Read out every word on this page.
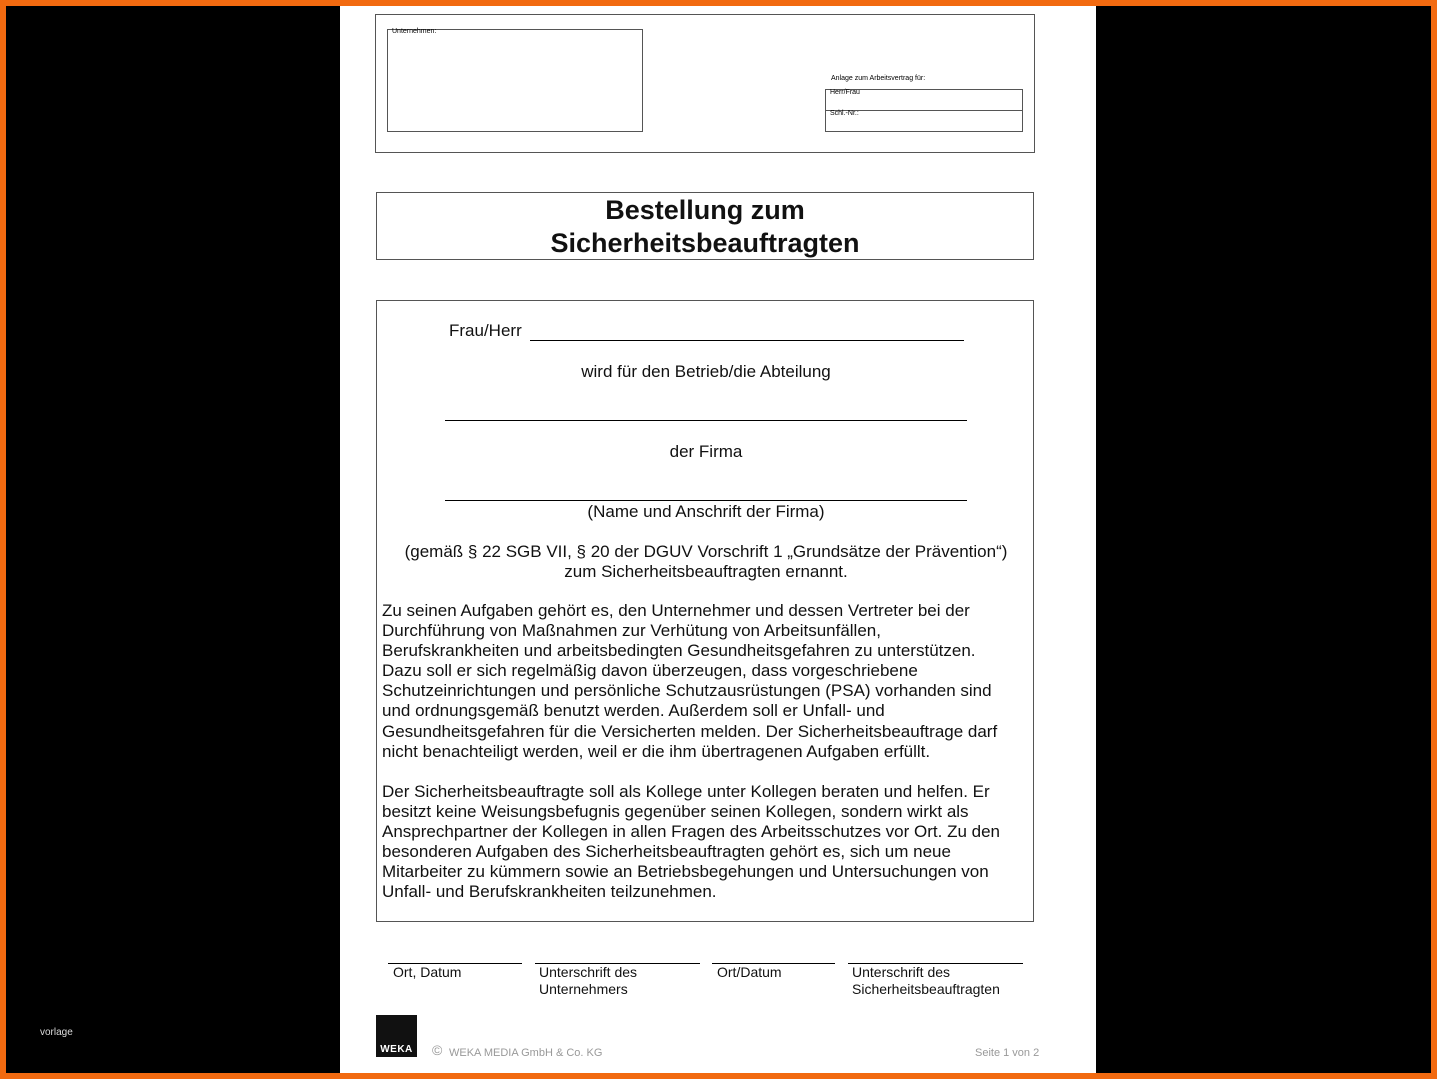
Unternehmen:
Anlage zum Arbeitsvertrag für:
Herr/Frau
Schl.-Nr.:
Bestellung zum
Sicherheitsbeauftragten
Frau/Herr
wird für den Betrieb/die Abteilung
der Firma
(Name und Anschrift der Firma)
(gemäß § 22 SGB VII, § 20 der DGUV Vorschrift 1 „Grundsätze der Prävention“)
zum Sicherheitsbeauftragten ernannt.
Zu seinen Aufgaben gehört es, den Unternehmer und dessen Vertreter bei der
Durchführung von Maßnahmen zur Verhütung von Arbeitsunfällen,
Berufskrankheiten und arbeitsbedingten Gesundheitsgefahren zu unterstützen.
Dazu soll er sich regelmäßig davon überzeugen, dass vorgeschriebene
Schutzeinrichtungen und persönliche Schutzausrüstungen (PSA) vorhanden sind
und ordnungsgemäß benutzt werden. Außerdem soll er Unfall- und
Gesundheitsgefahren für die Versicherten melden. Der Sicherheitsbeauftrage darf
nicht benachteiligt werden, weil er die ihm übertragenen Aufgaben erfüllt.
Der Sicherheitsbeauftragte soll als Kollege unter Kollegen beraten und helfen. Er
besitzt keine Weisungsbefugnis gegenüber seinen Kollegen, sondern wirkt als
Ansprechpartner der Kollegen in allen Fragen des Arbeitsschutzes vor Ort. Zu den
besonderen Aufgaben des Sicherheitsbeauftragten gehört es, sich um neue
Mitarbeiter zu kümmern sowie an Betriebsbegehungen und Untersuchungen von
Unfall- und Berufskrankheiten teilzunehmen.
Ort, Datum	Unterschrift des
Unternehmers
Ort/Datum	Unterschrift des
Sicherheitsbeauftragten
WEKA	© WEKA MEDIA GmbH & Co. KG	Seite 1 von 2
vorlage
